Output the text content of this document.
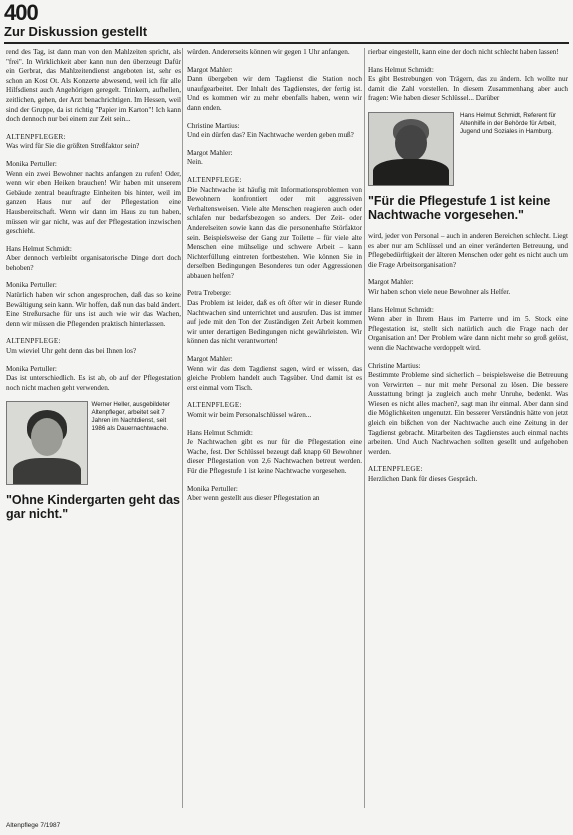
400
Zur Diskussion gestellt

rend des Tag, ist dann man von den Mahlzeiten spricht, als "frei". In Wirklichkeit aber kann nun den überzeugt Dafür ein Gerbrat, das Mahlzeitendienst angeboten ist, sehr es schon an Kost Ot. Als Konzerte abwesend, weil ich für alle Hilfsdienst auch Angehörigen geregelt. Trinkern, aufhellen, zeitlichen, gehen, der Arzt benachrichtigen. Im Hessen, weil sind der Gruppe, da ist richtig "Papier im Karton"! Ich kann doch dennoch nur bei einem zur Zeit sein...

ALTENPFLEGER:

Was wird für Sie die größten Streßfaktor sein?

Monika Pertuller:

Wenn ein zwei Bewohner nachts anfangen zu rufen! Oder, wenn wir eben Heiken brauchen! Wir haben mit unserem Gebäude zentral beauftragte Einheiten bis hinter, weil im ganzen Haus nur auf der Pflegestation eine Hausbereitschaft. Wenn wir dann im Haus zu tun haben, müssen wir gar nicht, was auf der Pflegestation inzwischen geschieht.

Hans Helmut Schmidt:

Aber dennoch verbleibt organisatorische Dinge dort doch behoben?

Monika Pertuller:

Natürlich haben wir schon angesprochen, daß das so keine Bewältigung sein kann. Wir hoffen, daß nun das bald ändert. Eine Streßursache für uns ist auch wie wir das Wachen, denn wir müssen die Pflegenden praktisch hinterlassen.

ALTENPFLEGE:

Um wieviel Uhr geht denn das bei Ihnen los?

Monika Pertuller:

Das ist unterschiedlich. Es ist ab, ob auf der Pflegestation noch nicht machen geht verwenden.

Werner Heller, ausgebildeter Altenpfleger, arbeitet seit 7 Jahren im Nachtdienst, seit 1986 als Dauernachtwache.
"Ohne Kindergarten geht das gar nicht."

würden. Andererseits können wir gegen 1 Uhr anfangen.

Margot Mahler:

Dann übergeben wir dem Tagdienst die Station noch unaufgearbeitet. Der Inhalt des Tagdienstes, der fertig ist. Und es kommen wir zu mehr ebenfalls haben, wenn wir dann enden.

Christine Martius:

Und ein dürfen das? Ein Nachtwache werden geben muß?

Margot Mahler:

Nein.

ALTENPFLEGE:

Die Nachtwache ist häufig mit Informationsproblemen von Bewohnern konfrontiert oder mit aggressiven Verhaltensweisen. Viele alte Menschen reagieren auch oder schlafen nur bedarfsbezogen so anders. Der Zeit- oder Anderelseiten sowie kann das die personenhafte Störfaktor sein. Beispielsweise der Gang zur Toilette – für viele alte Menschen eine mühselige und schwere Arbeit – kann Nichterfüllung eintreten fortbestehen. Wie können Sie in derselben Bedingungen Besonderes tun oder Aggressionen abbauen helfen?

Petra Treberge:

Das Problem ist leider, daß es oft öfter wir in dieser Runde Nachtwachen sind unterrichtet und ausrufen. Das ist immer auf jede mit den Ton der Zuständigen Zeit Arbeit kommen wir unter derartigen Bedingungen nicht gewährleisten. Wir können das nicht verantworten!

Margot Mahler:

Wenn wir das dem Tagdienst sagen, wird er wissen, das gleiche Problem handelt auch Tagsüber. Und damit ist es erst einmal vom Tisch.

ALTENPFLEGE:

Womit wir beim Personalschlüssel wären...

Hans Helmut Schmidt:

Je Nachtwachen gibt es nur für die Pflegestation eine Wache, fest. Der Schlüssel bezeugt daß knapp 60 Bewohner dieser Pflegestation von 2,6 Nachtwachen betreut werden. Für die Pflegestufe 1 ist keine Nachtwache vorgesehen.

Monika Pertuller:

Aber wenn gestellt aus dieser Pflegestation an

rierbar eingestellt, kann eine der doch nicht schlecht haben lassen!

Hans Helmut Schmidt:

Es gibt Bestrebungen von Trägern, das zu ändern. Ich wollte nur damit die Zahl vorstellen. In diesem Zusammenhang aber auch fragen: Wie haben dieser Schlüssel... Darüber

Hans Helmut Schmidt, Referent für Altenhilfe in der Behörde für Arbeit, Jugend und Soziales in Hamburg.
"Für die Pflegestufe 1 ist keine Nachtwache vorgesehen."

wird, jeder von Personal – auch in anderen Bereichen schlecht. Liegt es aber nur am Schlüssel und an einer veränderten Betreuung, und Pflegebedürftigkeit der älteren Menschen oder geht es nicht auch um die Frage Arbeitsorganisation?

Margot Mahler:

Wir haben schon viele neue Bewohner als Helfer.

Hans Helmut Schmidt:

Wenn aber in Ihrem Haus im Parterre und im 5. Stock eine Pflegestation ist, stellt sich natürlich auch die Frage nach der Organisation an! Der Problem wäre dann nicht mehr so groß gelöst, wenn die Nachtwache verdoppelt wird.

Christine Martius:

Bestimmte Probleme sind sicherlich – beispielsweise die Betreuung von Verwirrten – nur mit mehr Personal zu lösen. Die bessere Ausstattung bringt ja zugleich auch mehr Unruhe, bedenkt. Was Wiesen es nicht alles machen?, sagt man ihr einmal. Aber dann sind die Möglichkeiten ungenutzt. Ein besserer Verständnis hätte von jetzt gleich ein bißchen von der Nachtwache auch eine Zeitung in der Tagdienst gebracht. Mitarbeiten des Tagdienstes auch einmal nachts arbeiten. Und Auch Nachtwachen sollten gesellt und aufgehoben werden.

ALTENPFLEGE:

Herzlichen Dank für dieses Gespräch.

Altenpflege 7/1987
